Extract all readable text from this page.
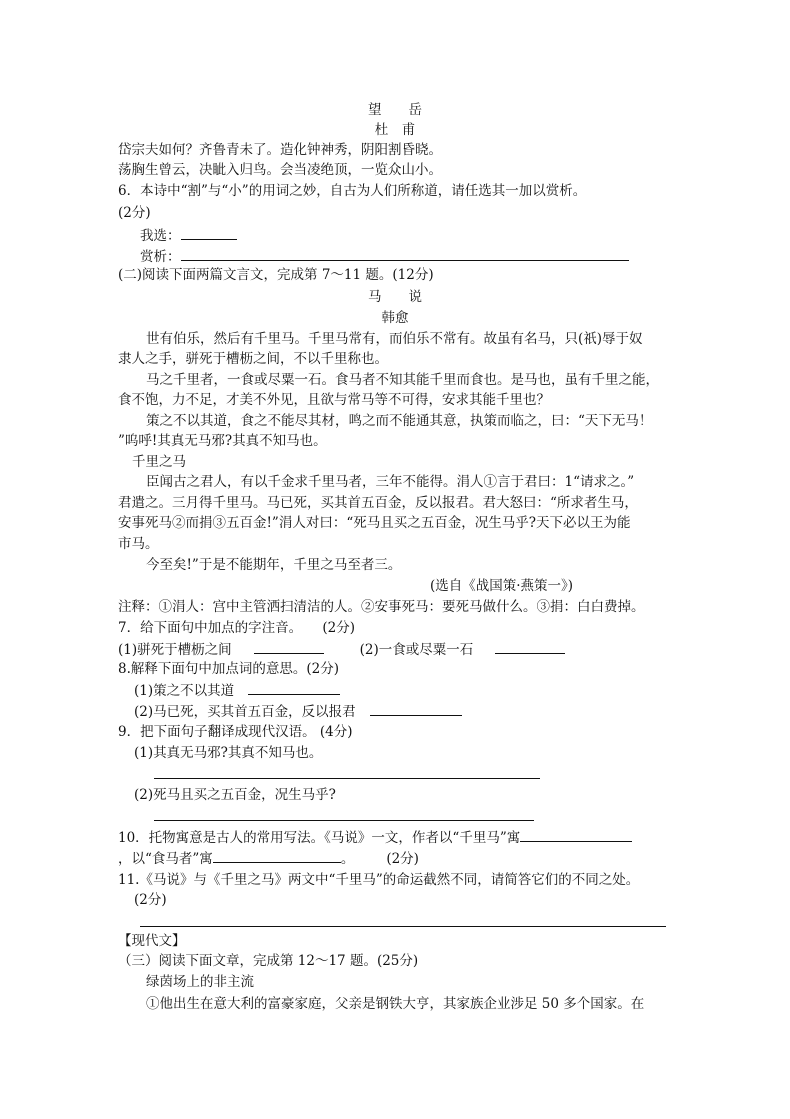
望　　岳
杜　甫
岱宗夫如何？齐鲁青未了。造化钟神秀，阴阳割昏晓。
荡胸生曾云，决眦入归鸟。会当凌绝顶，一览众山小。
6．本诗中“割”与“小”的用词之妙，自古为人们所称道，请任选其一加以赏析。
(2分)
我选：
赏析：
(二)阅读下面两篇文言文，完成第 7～11 题。(12分)
马　　说
韩愈
世有伯乐，然后有千里马。千里马常有，而伯乐不常有。故虽有名马，只(祇)辱于奴
隶人之手，骈死于槽枥之间，不以千里称也。
马之千里者，一食或尽粟一石。食马者不知其能千里而食也。是马也，虽有千里之能，
食不饱，力不足，才美不外见，且欲与常马等不可得，安求其能千里也？
策之不以其道，食之不能尽其材，鸣之而不能通其意，执策而临之，曰：“天下无马！
”呜呼!其真无马邪?其真不知马也。
千里之马
臣闻古之君人，有以千金求千里马者，三年不能得。涓人①言于君曰：1“请求之。”
君遣之。三月得千里马。马已死，买其首五百金，反以报君。君大怒曰：“所求者生马，
安事死马②而捐③五百金!”涓人对曰：“死马且买之五百金，况生马乎?天下必以王为能
市马。
今至矣!”于是不能期年，千里之马至者三。
(选自《战国策·燕策一》)
注释：①涓人：宫中主管洒扫清洁的人。②安事死马：要死马做什么。③捐：白白费掉。
7．给下面句中加点的字注音。　　(2分)
(1)骈死于槽枥之间	(2)一食或尽粟一石
8.解释下面句中加点词的意思。(2分)
(1)策之不以其道
(2)马已死，买其首五百金，反以报君
9．把下面句子翻译成现代汉语。 (4分)
(1)其真无马邪?其真不知马也。
(2)死马且买之五百金，况生马乎?
10．托物寓意是古人的常用写法。《马说》一文，作者以“千里马”寓
，以“食马者”寓	。 (2分)
11.《马说》与《千里之马》两文中“千里马”的命运截然不同，请简答它们的不同之处。
(2分)
【现代文】
（三）阅读下面文章，完成第 12～17 题。(25分)
绿茵场上的非主流
①他出生在意大利的富豪家庭，父亲是钢铁大亨，其家族企业涉足 50 多个国家。在
